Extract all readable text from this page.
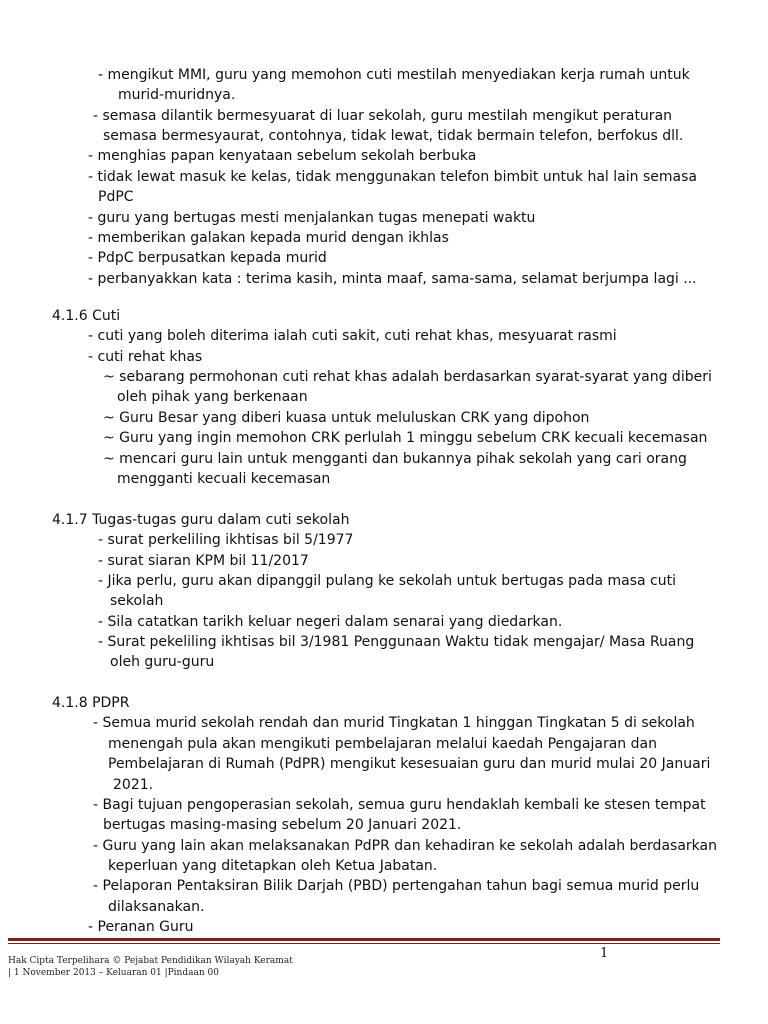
- mengikut MMI, guru yang memohon cuti mestilah menyediakan kerja rumah untuk
murid-muridnya.
- semasa dilantik bermesyuarat di luar sekolah, guru mestilah mengikut peraturan
semasa bermesyaurat, contohnya, tidak lewat, tidak bermain telefon, berfokus dll.
- menghias papan kenyataan sebelum sekolah berbuka
- tidak lewat masuk ke kelas, tidak menggunakan telefon bimbit untuk hal lain semasa
PdPC
- guru yang bertugas mesti menjalankan tugas menepati waktu
- memberikan galakan kepada murid dengan ikhlas
- PdpC berpusatkan kepada murid
- perbanyakkan kata : terima kasih, minta maaf, sama-sama, selamat berjumpa lagi ...
4.1.6 Cuti
- cuti yang boleh diterima ialah cuti sakit, cuti rehat khas, mesyuarat rasmi
- cuti rehat khas
~ sebarang permohonan cuti rehat khas adalah berdasarkan syarat-syarat yang diberi
oleh pihak yang berkenaan
~ Guru Besar yang diberi kuasa untuk meluluskan CRK yang dipohon
~ Guru yang ingin memohon CRK perlulah 1 minggu sebelum CRK kecuali kecemasan
~ mencari guru lain untuk mengganti dan bukannya pihak sekolah yang cari orang
mengganti kecuali kecemasan
4.1.7 Tugas-tugas guru dalam cuti sekolah
- surat perkeliling ikhtisas bil 5/1977
- surat siaran KPM bil 11/2017
- Jika perlu, guru akan dipanggil pulang ke sekolah untuk bertugas pada masa cuti
sekolah
- Sila catatkan tarikh keluar negeri dalam senarai yang diedarkan.
- Surat pekeliling ikhtisas bil 3/1981 Penggunaan Waktu tidak mengajar/ Masa Ruang
oleh guru-guru
4.1.8 PDPR
- Semua murid sekolah rendah dan murid Tingkatan 1 hinggan Tingkatan 5 di sekolah
menengah pula akan mengikuti pembelajaran melalui kaedah Pengajaran dan
Pembelajaran di Rumah (PdPR) mengikut kesesuaian guru dan murid mulai 20 Januari
2021.
- Bagi tujuan pengoperasian sekolah, semua guru hendaklah kembali ke stesen tempat
bertugas masing-masing sebelum 20 Januari 2021.
- Guru yang lain akan melaksanakan PdPR dan kehadiran ke sekolah adalah berdasarkan
keperluan yang ditetapkan oleh Ketua Jabatan.
- Pelaporan Pentaksiran Bilik Darjah (PBD) pertengahan tahun bagi semua murid perlu
dilaksanakan.
- Peranan Guru
1
Hak Cipta Terpelihara © Pejabat Pendidikan Wilayah Keramat
| 1 November 2013 – Keluaran 01 |Pindaan 00
